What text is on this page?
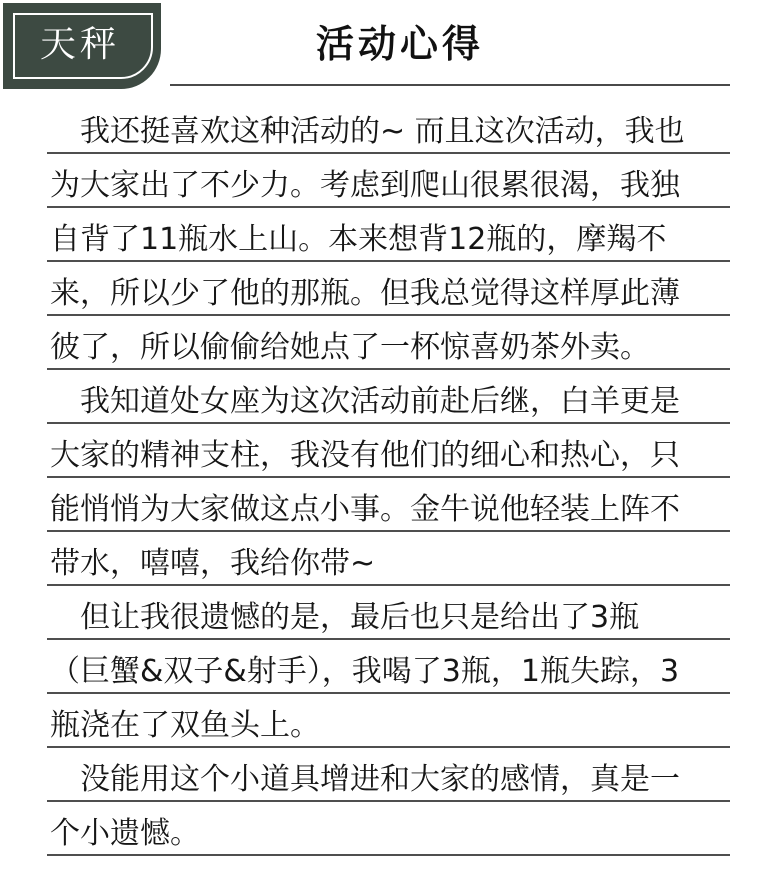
天秤	活动心得
　我还挺喜欢这种活动的~ 而且这次活动，我也
为大家出了不少力。考虑到爬山很累很渴，我独
自背了11瓶水上山。本来想背12瓶的，摩羯不
来，所以少了他的那瓶。但我总觉得这样厚此薄
彼了，所以偷偷给她点了一杯惊喜奶茶外卖。
　我知道处女座为这次活动前赴后继，白羊更是
大家的精神支柱，我没有他们的细心和热心，只
能悄悄为大家做这点小事。金牛说他轻装上阵不
带水，嘻嘻，我给你带~
　但让我很遗憾的是，最后也只是给出了3瓶
（巨蟹&双子&射手），我喝了3瓶，1瓶失踪，3
瓶浇在了双鱼头上。
　没能用这个小道具增进和大家的感情，真是一
个小遗憾。
